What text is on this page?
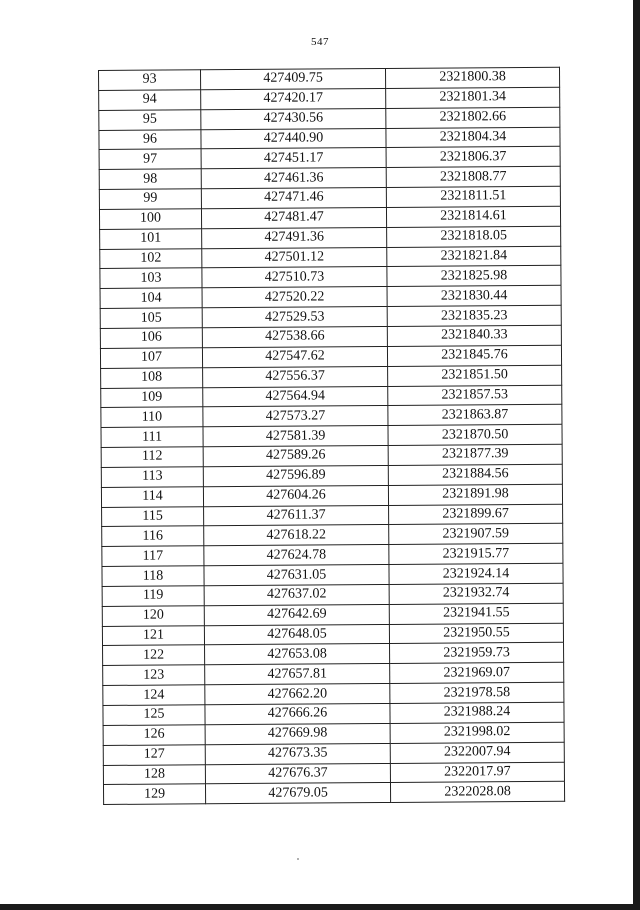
547
93	427409.75	2321800.38
94	427420.17	2321801.34
95	427430.56	2321802.66
96	427440.90	2321804.34
97	427451.17	2321806.37
98	427461.36	2321808.77
99	427471.46	2321811.51
100	427481.47	2321814.61
101	427491.36	2321818.05
102	427501.12	2321821.84
103	427510.73	2321825.98
104	427520.22	2321830.44
105	427529.53	2321835.23
106	427538.66	2321840.33
107	427547.62	2321845.76
108	427556.37	2321851.50
109	427564.94	2321857.53
110	427573.27	2321863.87
111	427581.39	2321870.50
112	427589.26	2321877.39
113	427596.89	2321884.56
114	427604.26	2321891.98
115	427611.37	2321899.67
116	427618.22	2321907.59
117	427624.78	2321915.77
118	427631.05	2321924.14
119	427637.02	2321932.74
120	427642.69	2321941.55
121	427648.05	2321950.55
122	427653.08	2321959.73
123	427657.81	2321969.07
124	427662.20	2321978.58
125	427666.26	2321988.24
126	427669.98	2321998.02
127	427673.35	2322007.94
128	427676.37	2322017.97
129	427679.05	2322028.08
